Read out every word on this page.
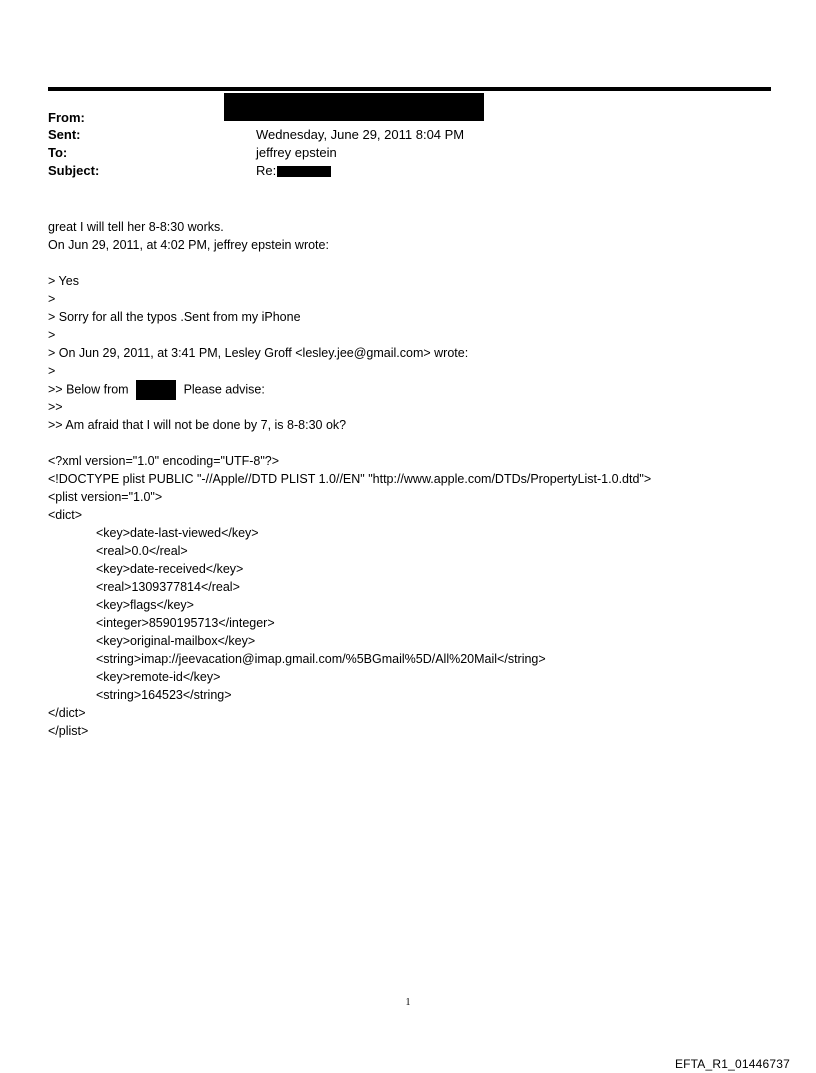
From:
Sent:	Wednesday, June 29, 2011 8:04 PM
To:	jeffrey epstein
Subject:	Re:
great I will tell her 8-8:30 works.
On Jun 29, 2011, at 4:02 PM, jeffrey epstein wrote:
> Yes
>
> Sorry for all the typos .Sent from my iPhone
>
> On Jun 29, 2011, at 3:41 PM, Lesley Groff <lesley.jee@gmail.com> wrote:
>
>> Below from	Please advise:
>>
>> Am afraid that I will not be done by 7, is 8-8:30 ok?
<?xml version="1.0" encoding="UTF-8"?>
<!DOCTYPE plist PUBLIC "-//Apple//DTD PLIST 1.0//EN" "http://www.apple.com/DTDs/PropertyList-1.0.dtd">
<plist version="1.0">
<dict>
<key>date-last-viewed</key>
<real>0.0</real>
<key>date-received</key>
<real>1309377814</real>
<key>flags</key>
<integer>8590195713</integer>
<key>original-mailbox</key>
<string>imap://jeevacation@imap.gmail.com/%5BGmail%5D/All%20Mail</string>
<key>remote-id</key>
<string>164523</string>
</dict>
</plist>
1
EFTA_R1_01446737
